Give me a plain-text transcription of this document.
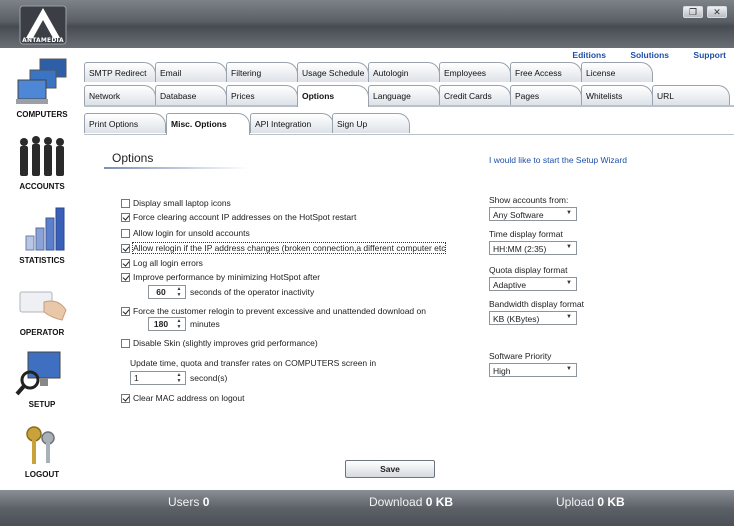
ANTAMEDIA
❐	✕
COMPUTERS
ACCOUNTS
STATISTICS
OPERATOR
SETUP
LOGOUT
Editions	Solutions	Support
SMTP Redirect	Email	Filtering	Usage Schedule	Autologin	Employees	Free Access	License
Network	Database	Prices	Options	Language	Credit Cards	Pages	Whitelists	URL
Print Options	Misc. Options	API Integration	Sign Up
Options	I would like to start the Setup Wizard
Display small laptop icons
Force clearing account IP addresses on the HotSpot restart
Allow login for unsold accounts
Allow relogin if the IP address changes (broken connection,a different computer etc
Log all login errors
Improve performance by minimizing HotSpot after
60	▲
▼ seconds of the operator inactivity
Force the customer relogin to prevent excessive and unattended download on
180	▲
▼ minutes
Disable Skin (slightly improves grid performance)
Update time, quota and transfer rates on COMPUTERS screen in
1	▲
▼ second(s)
Clear MAC address on logout
Show accounts from:
Any Software	▼
Time display format
HH:MM (2:35)	▼
Quota display format
Adaptive	▼
Bandwidth display format
KB (KBytes)	▼
Software Priority
High	▼
Save
Users 0	Download 0 KB	Upload 0 KB
